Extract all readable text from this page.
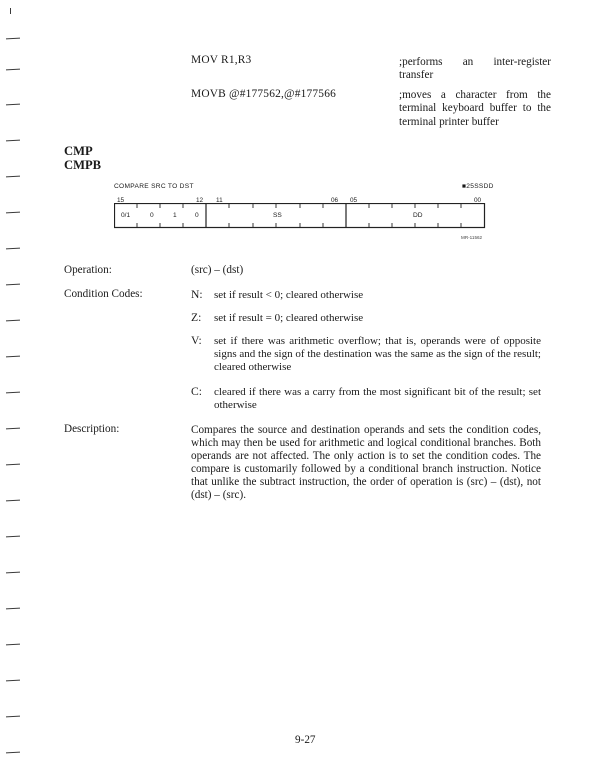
MOV R1,R3	;performs an inter-register transfer
MOVB @#177562,@#177566	;moves a character from the terminal keyboard buffer to the terminal printer buffer
CMP
CMPB
COMPARE SRC TO DST	■25SSDD
15	12 11	06 05	00
0/1	0	1	0	SS	DD
MR-11562
Operation:	(src) – (dst)
Condition Codes:	N: set if result < 0; cleared otherwise
Z:	set if result = 0; cleared otherwise
V: set if there was arithmetic overflow; that is, operands were of opposite signs and the sign of the destination was the same as the sign of the result; cleared otherwise
C: cleared if there was a carry from the most significant bit of the result; set otherwise
Description:	Compares the source and destination operands and sets the condition codes, which may then be used for arithmetic and logical conditional branches. Both operands are not affected. The only action is to set the condition codes. The compare is customarily followed by a conditional branch instruction. Notice that unlike the subtract instruction, the order of operation is (src) – (dst), not (dst) – (src).
9-27
